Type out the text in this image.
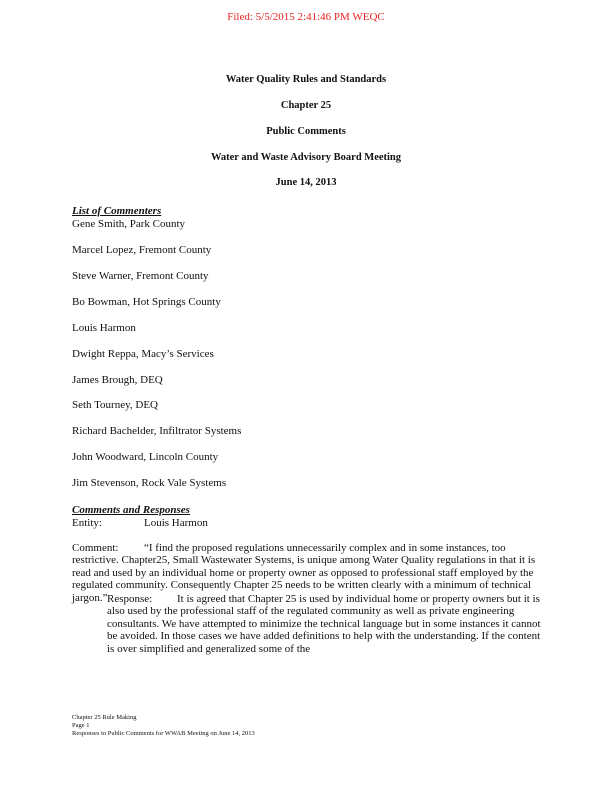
Filed: 5/5/2015 2:41:46 PM WEQC
Water Quality Rules and Standards
Chapter 25
Public Comments
Water and Waste Advisory Board Meeting
June 14, 2013
List of Commenters
Gene Smith, Park County
Marcel Lopez, Fremont County
Steve Warner, Fremont County
Bo Bowman, Hot Springs County
Louis Harmon
Dwight Reppa, Macy’s Services
James Brough, DEQ
Seth Tourney, DEQ
Richard Bachelder, Infiltrator Systems
John Woodward, Lincoln County
Jim Stevenson, Rock Vale Systems
Comments and Responses
Entity:	Louis Harmon
Comment: “I find the proposed regulations unnecessarily complex and in some instances, too restrictive. Chapter25, Small Wastewater Systems, is unique among Water Quality regulations in that it is read and used by an individual home or property owner as opposed to professional staff employed by the regulated community. Consequently Chapter 25 needs to be written clearly with a minimum of technical jargon.” Response: It is agreed that Chapter 25 is used by individual home or property owners but it is also used by the professional staff of the regulated community as well as private engineering consultants. We have attempted to minimize the technical language but in some instances it cannot be avoided. In those cases we have added definitions to help with the understanding. If the content is over simplified and generalized some of the
Chapter 25 Rule Making
Page 1
Responses to Public Comments for WWAB Meeting on June 14, 2013
